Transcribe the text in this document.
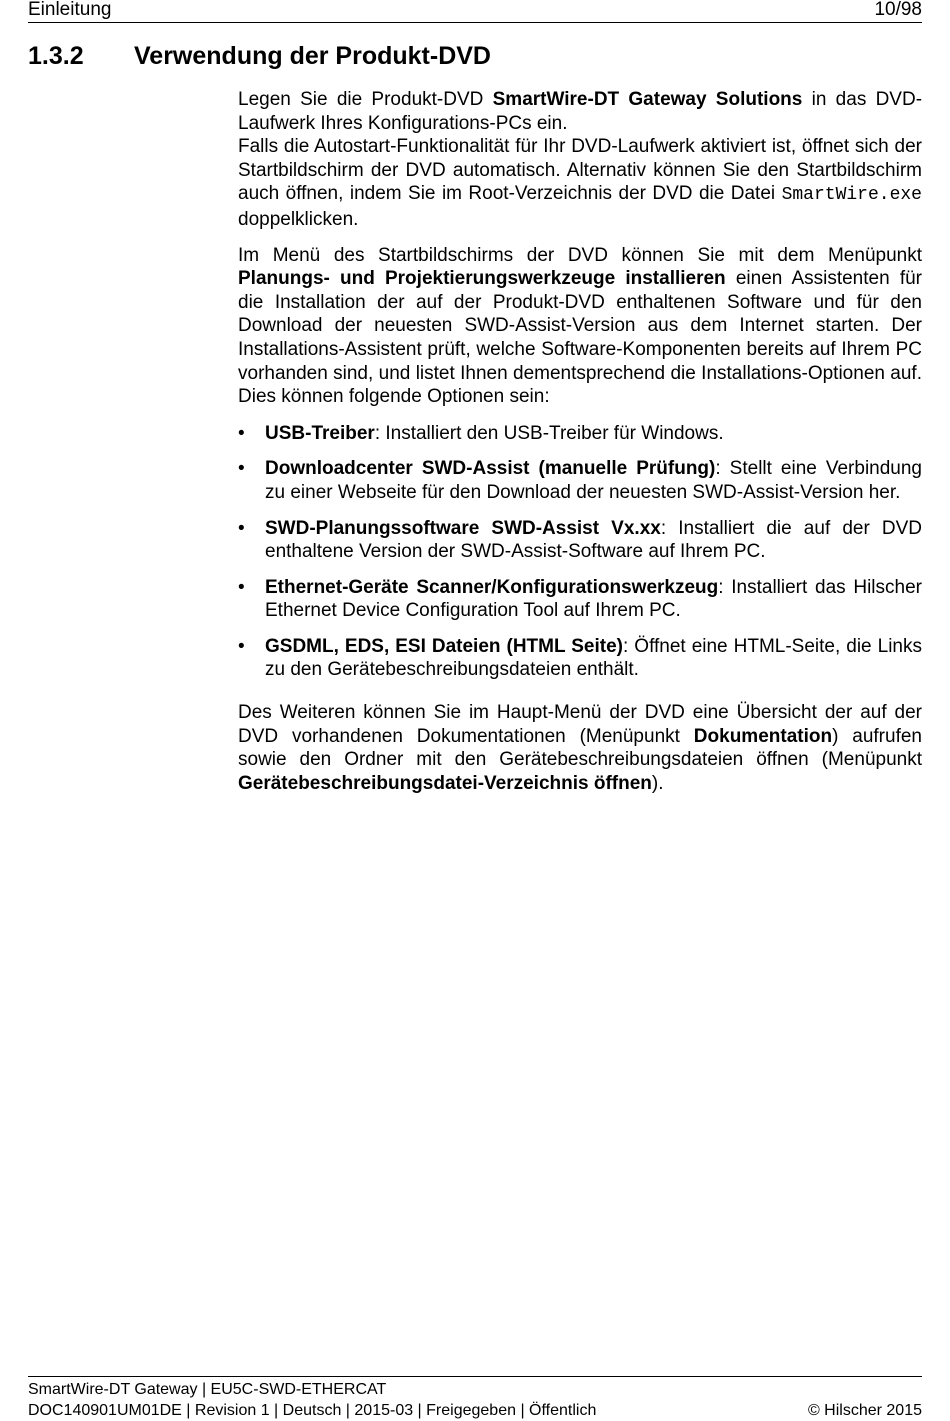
Einleitung	10/98
1.3.2 Verwendung der Produkt-DVD

Legen Sie die Produkt-DVD SmartWire-DT Gateway Solutions in das DVD-Laufwerk Ihres Konfigurations-PCs ein.
Falls die Autostart-Funktionalität für Ihr DVD-Laufwerk aktiviert ist, öffnet sich der Startbildschirm der DVD automatisch. Alternativ können Sie den Startbildschirm auch öffnen, indem Sie im Root-Verzeichnis der DVD die Datei SmartWire.exe doppelklicken.

Im Menü des Startbildschirms der DVD können Sie mit dem Menüpunkt Planungs- und Projektierungswerkzeuge installieren einen Assistenten für die Installation der auf der Produkt-DVD enthaltenen Software und für den Download der neuesten SWD-Assist-Version aus dem Internet starten. Der Installations-Assistent prüft, welche Software-Komponenten bereits auf Ihrem PC vorhanden sind, und listet Ihnen dementsprechend die Installations-Optionen auf. Dies können folgende Optionen sein:

•	USB-Treiber: Installiert den USB-Treiber für Windows.
•	Downloadcenter SWD-Assist (manuelle Prüfung): Stellt eine Verbindung zu einer Webseite für den Download der neuesten SWD-Assist-Version her.
•	SWD-Planungssoftware SWD-Assist Vx.xx: Installiert die auf der DVD enthaltene Version der SWD-Assist-Software auf Ihrem PC.
•	Ethernet-Geräte Scanner/Konfigurationswerkzeug: Installiert das Hilscher Ethernet Device Configuration Tool auf Ihrem PC.
•	GSDML, EDS, ESI Dateien (HTML Seite): Öffnet eine HTML-Seite, die Links zu den Gerätebeschreibungsdateien enthält.

Des Weiteren können Sie im Haupt-Menü der DVD eine Übersicht der auf der DVD vorhandenen Dokumentationen (Menüpunkt Dokumentation) aufrufen sowie den Ordner mit den Gerätebeschreibungsdateien öffnen (Menüpunkt Gerätebeschreibungsdatei-Verzeichnis öffnen).

SmartWire-DT Gateway | EU5C-SWD-ETHERCAT
DOC140901UM01DE | Revision 1 | Deutsch | 2015-03 | Freigegeben | Öffentlich	© Hilscher 2015
